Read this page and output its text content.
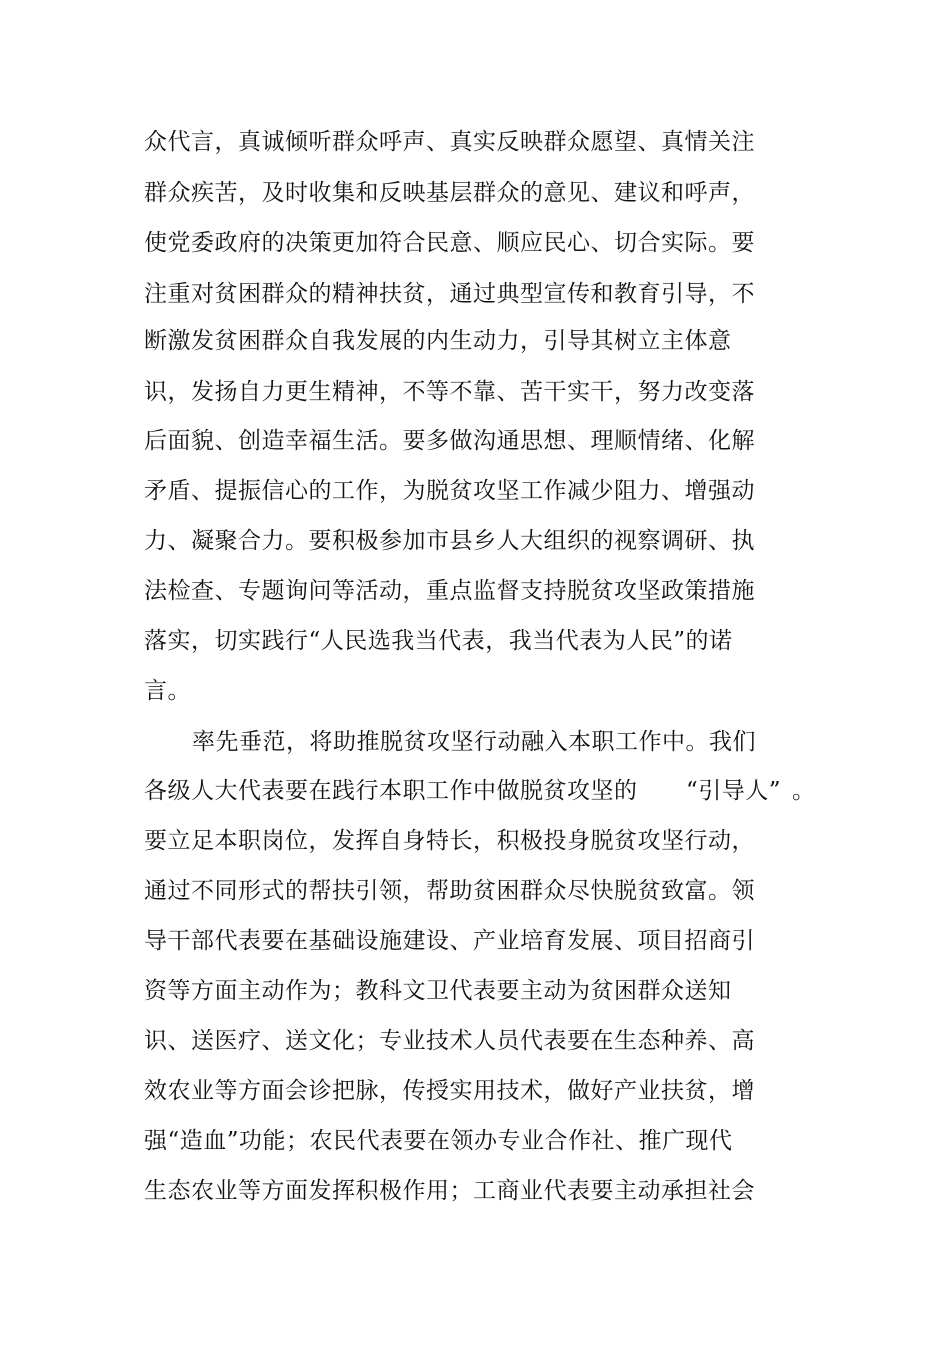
众代言，真诚倾听群众呼声、真实反映群众愿望、真情关注
群众疾苦，及时收集和反映基层群众的意见、建议和呼声，
使党委政府的决策更加符合民意、顺应民心、切合实际。要
注重对贫困群众的精神扶贫，通过典型宣传和教育引导，不
断激发贫困群众自我发展的内生动力，引导其树立主体意
识，发扬自力更生精神，不等不靠、苦干实干，努力改变落
后面貌、创造幸福生活。要多做沟通思想、理顺情绪、化解
矛盾、提振信心的工作，为脱贫攻坚工作减少阻力、增强动
力、凝聚合力。要积极参加市县乡人大组织的视察调研、执
法检查、专题询问等活动，重点监督支持脱贫攻坚政策措施
落实，切实践行“人民选我当代表，我当代表为人民”的诺
言。
率先垂范，将助推脱贫攻坚行动融入本职工作中。我们
各级人大代表要在践行本职工作中做脱贫攻坚的 “引导人” 。
要立足本职岗位，发挥自身特长，积极投身脱贫攻坚行动，
通过不同形式的帮扶引领，帮助贫困群众尽快脱贫致富。领
导干部代表要在基础设施建设、产业培育发展、项目招商引
资等方面主动作为；教科文卫代表要主动为贫困群众送知
识、送医疗、送文化；专业技术人员代表要在生态种养、高
效农业等方面会诊把脉，传授实用技术，做好产业扶贫，增
强“造血”功能；农民代表要在领办专业合作社、推广现代
生态农业等方面发挥积极作用；工商业代表要主动承担社会
